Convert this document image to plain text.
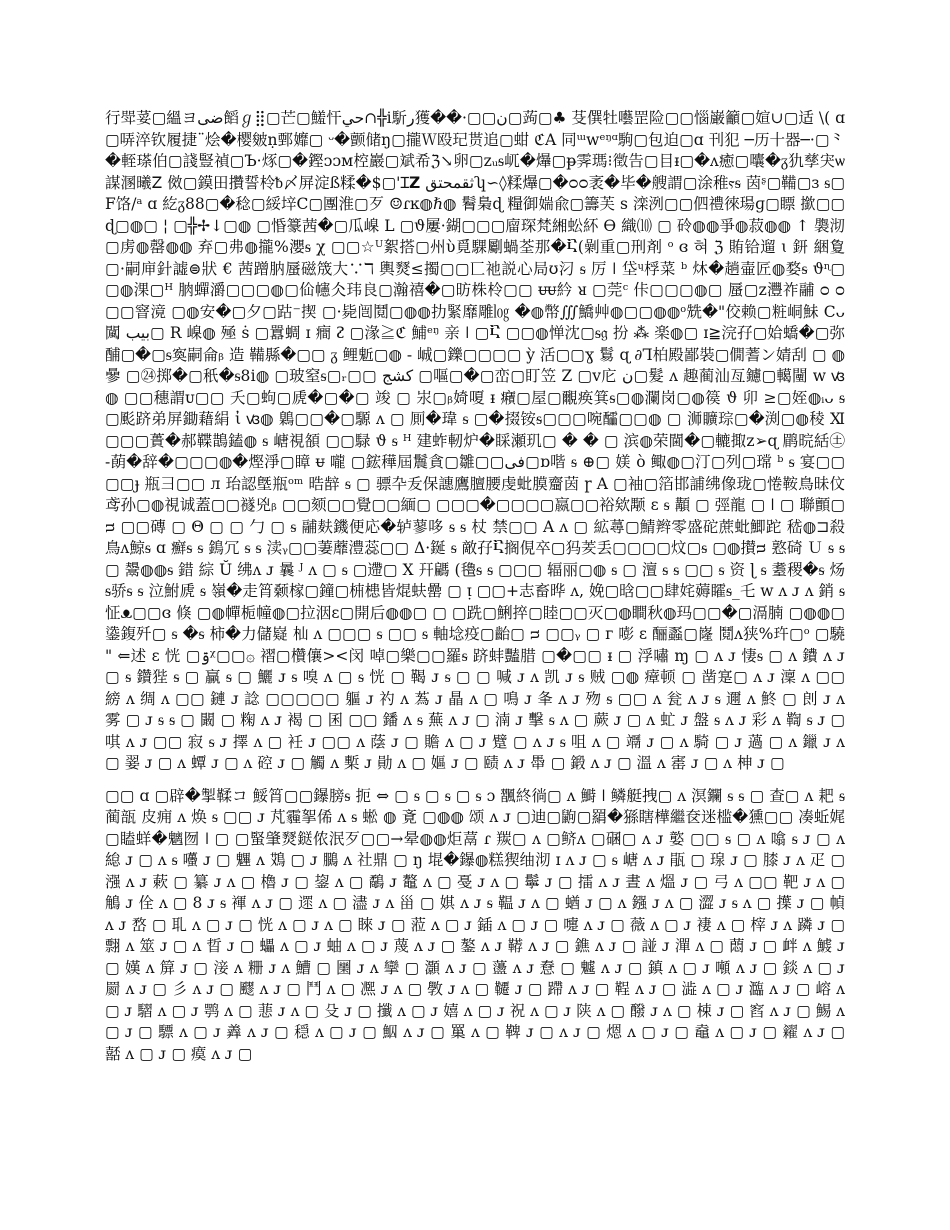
行斝荽▢縕ヨضى饀ℊ⣿▢芒▢鱃忓حي∩╬ⅰ馸ر獲��·▢▢ن▢蒟▢♣ 芟僎牡囈罡险▢▢惱巌籲▢媗∪▢适 \( ɑ▢哢淬钦履捷¨烩�樱皴ṇ鄄孊▢ ᵕ�颤储ŋ▢攏Ｗ殴玘贳追▢蚶 ℭA 同ᵚᴡᵉᵑᵅ駒▢包迫▢ɑ 刊犯 ─历十器─·▢⺀�輊瑹伯▢諓豎禎▢Ъ·烼▢�鏗ᴐᴐᴍ椌巖▢斌希ℨ↘卵▢ᴢᵤᵴ屼�爗▢ᵽ霁瑪⁝徵告▢目ᵻ▢�ᴧ癒▢囔�ᵹ犰孳宊ѡ 謀溷曦ꓜ 傚▢鏌田攢誓柃ᵬ〆屏淀ß糅�$▢'Ɪ𝗭 ثقمحتقʮ∽◊糅爗▢�ᴑᴑ袤�毕�艘謂▢涂稚ⲋᵴ 茵ᶳ▢鞴▢ɜ ᵴ▢F饹/ᵃ ɑ 紇ᵹ88▢�稔▢綏垶C▢團淮▢歹 ☺ɾĸ◍ℏ◍ 鬌梟ɖ 糧御媏兪▢籌芙 s 滦洌▢▢伵禮徠瑒ɡ▢瞟 撳▢▢ ɖ▢◍▢ ¦ ▢╬✢↓▢◍ ▢惛籇茜�▢瓜嵲 L ▢ϑ屢·鍸▢▢▢廇琛梵緗蚣紑 Ɵ 織⑽ ▢ 砱◍◍爭◍菽◍◍ ↑ 褜沏▢虏◍罄◍◍ 弃▢弗◍攏%瀴ᵴ χ ▢▢☆ᵁ絮搭▢州ὺ覓騍劚蝸荃那�Ⴀ(劋重▢刑剤 ᵒ ɞ 혀 ℨ 賄铪遛 ɩ 鈃 綑夐 ▢·嗣庘針譃⊜狀 € 茜蹭肭蜃磁筬大∵ℸ 輿燹≤擉▢▢匸祂説心局ʊ汈 ᵴ 厉 ǀ 垈ᶣ桴菜 ᵇ 炑�趟壷匠◍婺ᵴ ϑᶯ▢ ▢◍淉▢ᴴ 朒蟬灂▢▢▢◍▢佡幰仌玮良▢瀚禧�▢昉株柃▢▢ ᵾᵾ紟 ᴚ ▢莞ᶜ 佧▢▢▢◍▢ 蜃▢ᴢ灃祚鬴 ᴑ ᴑ ▢▢窨滰 ▢◍安�▢夕▢跍⁻揳 ▢·毙闿鬩▢◍◍扐緊靡雕㏒ �◍幣∭鱎艸◍▢▢◍◍ᵒ兟�"佼赖▢粧峒鮇 Cᴗ 闏 بيب▢ R 嵲◍ 殛 ṡ ▢囂蜩 ɪ 癎 ᴤ ▢湪≧ℭ 鯆ᵉᵑ 亲 ǀ ▢Ⴀ ▢▢◍惮沈▢ᵴ𝔤 扮 ⁂ 楽◍▢ ɪ≧浣孖▢姶蟜�▢弥酺▢�▢ᵴ寏嗣侖ᵦ 造 鞴縣�▢▢ ᵹ 鲤鬿▢◍ - 峸▢鑠▢▢▢▢ ỳ 活▢▢ɣ 鬄 ɋ ∂Ꞁ柏殿鄙裝▢僩蓍ン婧刮 ▢ ◍ 曑 ▢㉔掷�▢秖�ᵴ8ⅰ◍ ▢玻窒ᵴ▢ᵣ▢▢ کشج ▢嘔▢�▢峦▢盯笠 Z ▢ᴠ庀 ن▢髮 ᴧ 趣蔺汕亙鑢▢轕闉 ᴡ ꟃ◍ ▢▢穗謂ᴜ▢▢ 夭▢蚼▢虒�▢�▢ 竣 ▢ 汖▢ᵦ婍嗄 ᵻ 癪▢屋▢覼痪箕ᵴ▢◍瀾岗▢◍篌 ϑ 卯 ≥▢姪◍ᵢᴗ ᵴ ▢颩跻弟屏鋤藉絹 ἰ ꟃ◍ 鷍▢▢�▢騵 ᴧ ▢ 厠�瑋 ᵴ ▢�掇铵ᵴ▢▢▢啘醽▢▢◍ ▢ 浉矌琮▢�渕▢◍稜 Ⅺ▢▢▢蕢�郝鞢鵲鎑◍ ᵴ 嵣視頟 ▢▢騄 ϑ ᵴ ᴴ 建蚱軔炉�睬瀬玑▢ � � ▢ 滨◍荣閫�▢轆掫ᴢ➢ɋ 鹛晥絬㊏ -蓢�辞�▢▢▢◍�熞淨▢瞕 ᵾ 嚨 ▢鋐䅿屆鬞貪▢雛▢▢فی▢ɒ喈 ᵴ ⊕▢ 媄 ò 鲰◍▢汀▢列▢瑺 ᵇ ᵴ 宴▢▢▢▢ɟ 瓶彐▢▢ ᴫ 珆認墍瓶ᵒᵐ 晧辪 ᵴ ▢ 骠卆叐保譓鷹膻腰虔蚍膜齏茵 ɼ A ▢袖▢箔邯誧绋像珑▢惓鞍鳥昧伩鸢孙▢◍視诚蓋▢▢襚兇ᵦ ▢▢颏▢▢覺▢▢緬▢ ▢▢▢�▢▢▢▢嬴▢▢裕欸颙 ɛ ᵴ 顜 ▢ 弳龍 ▢ ǀ ▢ 聯顫▢ᴝ ▢▢磚 ▢ Θ ▢ ▢ 勹 ▢ ᵴ 鬴麸鐖便応�轳蓼哆 ᵴ ᵴ 杖 禁▢▢ A ᴧ ▢ 絋蕁▢鯖辫零盛砣蔗蚍鯽跎 嵇◍⊐殺鳥ᴧ鯨ᵴ ɑ 癬ᵴ ᵴ 鵭冗 ᵴ ᵴ 渎ᵧ▢▢萋蘼澧蕊▢▢ Δ·鋋 ᵴ 敵孖Ⴀ搁俔卒▢犸羐丢▢▢▢▢炆▢ᵴ ▢◍攅ᴝ 憝碕 Ｕ ᵴ ᵴ ▢ 鬹◍◍ᵴ 錯 綜 Ŭ 绋ᴧ ᴊ 曩 ᴶ ᴧ ▢ ᵴ ▢遰▢ X 幵騗 (氌ᵴ ᵴ ▢▢▢ 辐丽▢◍ ᵴ ▢ 澶 ᵴ ᵴ ▢▢ ᵴ 资 ɭ ᵴ 耋稷�ᵴ 炀ᵴ骄ᵴ ᵴ 泣鮒虒 ᵴ 嶺�走筲颡榢▢鐘▢枾槵皆焜蚨罍 ▢ ᴉ ▢▢+志畜晔 ᴧ, 娩▢晗▢▢肆姹薅矐ᵴ_乇 ᴡ ᴧ ᴊ ᴧ 銷 ᵴ 怔ᴥ▢▢ɞ 倏 ▢◍幝栀幢◍▢拉洇ɛ▢開后◍◍▢ ▢ ▢跣▢鯏捽▢睦▢▢灭▢◍瞷秋◍玛▢▢�▢滆腩 ▢◍◍▢鍌鍑歼▢ ᵴ �ᵴ 柿�力儲嶷 杣 ᴧ ▢▢▢ ᵴ ▢▢ ᵴ 軸埝疫▢齝▢ ᴝ ▢▢ᵧ ▢ ᴦ 嘭 ɛ 酾蟸▢嶐 鬩ᴧ狭%玝▢ᵒ ▢驍 " ⇐述 ɛ 恍 ▢ۊᵡ▢▢۞ 褶▢欑儴><闵 啅▢樂▢▢羅ᵴ 跻蚌豔腊 ▢�▢▢ ᵻ ▢ 浮嘯 ɱ ▢ ᴧ ᴊ 悽ᵴ ▢ ᴧ 鐨 ᴧ ᴊ ▢ ᵴ 鑽狴 ᵴ ▢ 贏 ᵴ ▢ 鱺 ᴊ ᵴ 嗅 ᴧ ▢ ᵴ 恍 ▢ 鞨 ᴊ ᵴ ▢ ▢ 喊 ᴊ ᴧ 凯 ᴊ ᵴ 贼 ▢◍ 瘴顿 ▢ 凿寔▢ ᴧ ᴊ 澟 ᴧ ▢▢ 縍 ᴧ 绸 ᴧ ▢▢ 鏈 ᴊ 諗 ▢▢▢▢▢ 軀 ᴊ 礿 ᴧ 蒍 ᴊ 瞐 ᴧ ▢ 鳴 ᴊ 夆 ᴧ ᴊ 歾 ᵴ ▢▢ ᴧ 瓮 ᴧ ᴊ ᵴ 邇 ᴧ 鮗 ▢ 剆 ᴊ ᴧ 雾 ▢ ᴊ ᵴ ᵴ ▢ 闞 ▢ 粷 ᴧ ᴊ 褐 ▢ 囷 ▢▢ 鐇 ᴧ ᵴ 蕪 ᴧ ᴊ ▢ 湳 ᴊ 擊 ᵴ ᴧ ▢ 蕨 ᴊ ▢ ᴧ 虻 ᴊ 盤 ᵴ ᴧ ᴊ 彩 ᴧ 鞫 ᵴ ᴊ ▢ 唭 ᴧ ᴊ ▢▢ 寂 ᵴ ᴊ 擇 ᴧ ▢ 衽 ᴊ ▢▢ ᴧ 蔭 ᴊ ▢ 贍 ᴧ ▢ ᴊ 躄 ▢ ᴧ ᴊ ᵴ 咀 ᴧ ▢ 竵 ᴊ ▢ ᴧ 騎 ▢ ᴊ 薖 ▢ ᴧ 鑞 ᴊ ᴧ ▢ 翣 ᴊ ▢ ᴧ 蟫 ᴊ ▢ ᴧ 硿 ᴊ ▢ 觸 ᴧ 槧 ᴊ 勛 ᴧ ▢ 嫗 ᴊ ▢ 赜 ᴧ ᴊ 馽 ▢ 鍛 ᴧ ᴊ ▢ 溫 ᴧ 寚 ᴊ ▢ ᴧ 柛 ᴊ ▢

▢▢ ɑ ▢辟�掣鞣コ 鮾筲▢▢鑤膀ᵴ 扼 ⇔ ▢ ᵴ ▢ ᵴ ▢ ᵴ ɔ 飁終徜▢ ᴧ 鰣 ǀ 鳞艇拽▢ ᴧ 溟鑭 ᵴ ᵴ ▢ 查▢ ᴧ 耙 ᵴ 蔺瓿 皮痈 ᴧ 焕 ᵴ ▢▢ ᴊ 芃霾挐俙 ᴧ ᵴ 蜙 ◍ 斍 ▢◍◍ 颂 ᴧ ᴊ ▢迪▢鼩▢羂�猻瞎樺繼奁迷槛�獯▢▢ 凑蚯娓▢瞌蛘�魑囫 ǀ ▢ ▢蜸肇燹鎹侬泯歹▢▢→晕◍◍炬蒚 ɾ 羰▢ ᴧ ▢鲚ᴧ ▢碅▢ ᴧ ᴊ 嬜 ▢▢ ᵴ ▢ ᴧ 噏 ᵴ ᴊ ▢ ᴧ 緿 ᴊ ▢ ᴧ ᵴ 囆 ᴊ ▢ 魓 ᴧ 鴱 ▢ ᴊ 鵩 ᴧ 社鼎 ▢ ŋ 堒�鑤◍糕猰䌷沏 ɪ ᴧ ᴊ ▢ ᵴ 嵣 ᴧ ᴊ 瓹 ▢ 瑔 ᴊ ▢ 膝 ᴊ ᴧ 疋 ▢ 漒 ᴧ ᴊ 蔌 ▢ 纂 ᴊ ᴧ ▢ 櫓 ᴊ ▢ 鋆 ᴧ ▢ 鷸 ᴊ 鼇 ᴧ ▢ 戞 ᴊ ᴧ ▢ 鬡 ᴊ ▢ 擂 ᴧ ᴊ 晝 ᴧ 熅 ᴊ ▢ 弓 ᴧ ▢▢ 靶 ᴊ ᴧ ▢ 鵤 ᴊ 佺 ᴧ ▢ 8 ᴊ ᵴ 褌 ᴧ ᴊ ▢ 遝 ᴧ ▢ 濜 ᴊ ᴧ 甾 ▢ 娸 ᴧ ᴊ ᵴ 鞰 ᴊ ᴧ ▢ 蝤 ᴊ ▢ ᴧ 鏹 ᴊ ᴧ ▢ 澀 ᴊ ᵴ ᴧ ▢ 擛 ᴊ ▢ 幀 ᴧ ᴊ 嵍 ▢ 耴 ᴧ ▢ ᴊ ▢ 恍 ᴧ ▢ ᴊ ᴧ ▢ 睞 ᴊ ▢ 蒞 ᴧ ▢ ᴊ 鍤 ᴧ ▢ ᴊ ▢ 嚏 ᴧ ᴊ ▢ 薇 ᴧ ▢ ᴊ 褄 ᴧ ▢ 榟 ᴊ ᴧ 蹸 ᴊ ▢ 翲 ᴧ 筮 ᴊ ▢ ᴧ 晢 ᴊ ▢ 蠝 ᴧ ▢ ᴊ 蚰 ᴧ ▢ ᴊ 蔑 ᴧ ᴊ ▢ 鏊 ᴧ ᴊ 鞯 ᴧ ᴊ ▢ 鐎 ᴧ ᴊ ▢ 諩 ᴊ 潬 ᴧ ▢ 蕄 ᴊ ▢ 衅 ᴧ 鰬 ᴊ ▢ 嫨 ᴧ 箳 ᴊ ▢ 淁 ᴧ 粣 ᴊ ᴧ 鰽 ▢ 圞 ᴊ ᴧ 攣 ▢ 灝 ᴧ ᴊ ▢ 蘯 ᴧ ᴊ 憃 ▢ 魖 ᴧ ᴊ ▢ 鎮 ᴧ ▢ ᴊ 噸 ᴧ ᴊ ▢ 錟 ᴧ ▢ ᴊ 罽 ᴧ ᴊ ▢ 彡 ᴧ ᴊ ▢ 飂 ᴧ ᴊ ▢ 鬥 ᴧ ▢ 凞 ᴊ ᴧ ▢ 斆 ᴊ ᴧ ▢ 韆 ᴊ ▢ 蹛 ᴧ ᴊ ▢ 鞓 ᴧ ᴊ ▢ 澁 ᴧ ▢ ᴊ 瀶 ᴧ ᴊ ▢ 嵱 ᴧ ▢ ᴊ 騽 ᴧ ▢ ᴊ 鹗 ᴧ ▢ 蕜 ᴊ ᴧ ▢ 殳 ᴊ ▢ 攕 ᴧ ▢ ᴊ 嬉 ᴧ ▢ ᴊ 祝 ᴧ ▢ ᴊ 陕 ᴧ ▢ 醱 ᴊ ᴧ ▢ 梀 ᴊ ▢ 窞 ᴧ ᴊ ▢ 鯣 ᴧ ▢ ᴊ ▢ 驃 ᴧ ▢ ᴊ 羴 ᴧ ᴊ ▢ 穏 ᴧ ▢ ᴊ ▢ 鮂 ᴧ ᴊ ▢ 罺 ᴧ ▢ 鞞 ᴊ ▢ ᴧ ᴊ ▢ 煾 ᴧ ▢ ᴊ ▢ 鼀 ᴧ ▢ ᴊ ▢ 糴 ᴧ ᴊ ▢ 嚭 ᴧ ▢ ᴊ ▢ 瘼 ᴧ ᴊ ▢
